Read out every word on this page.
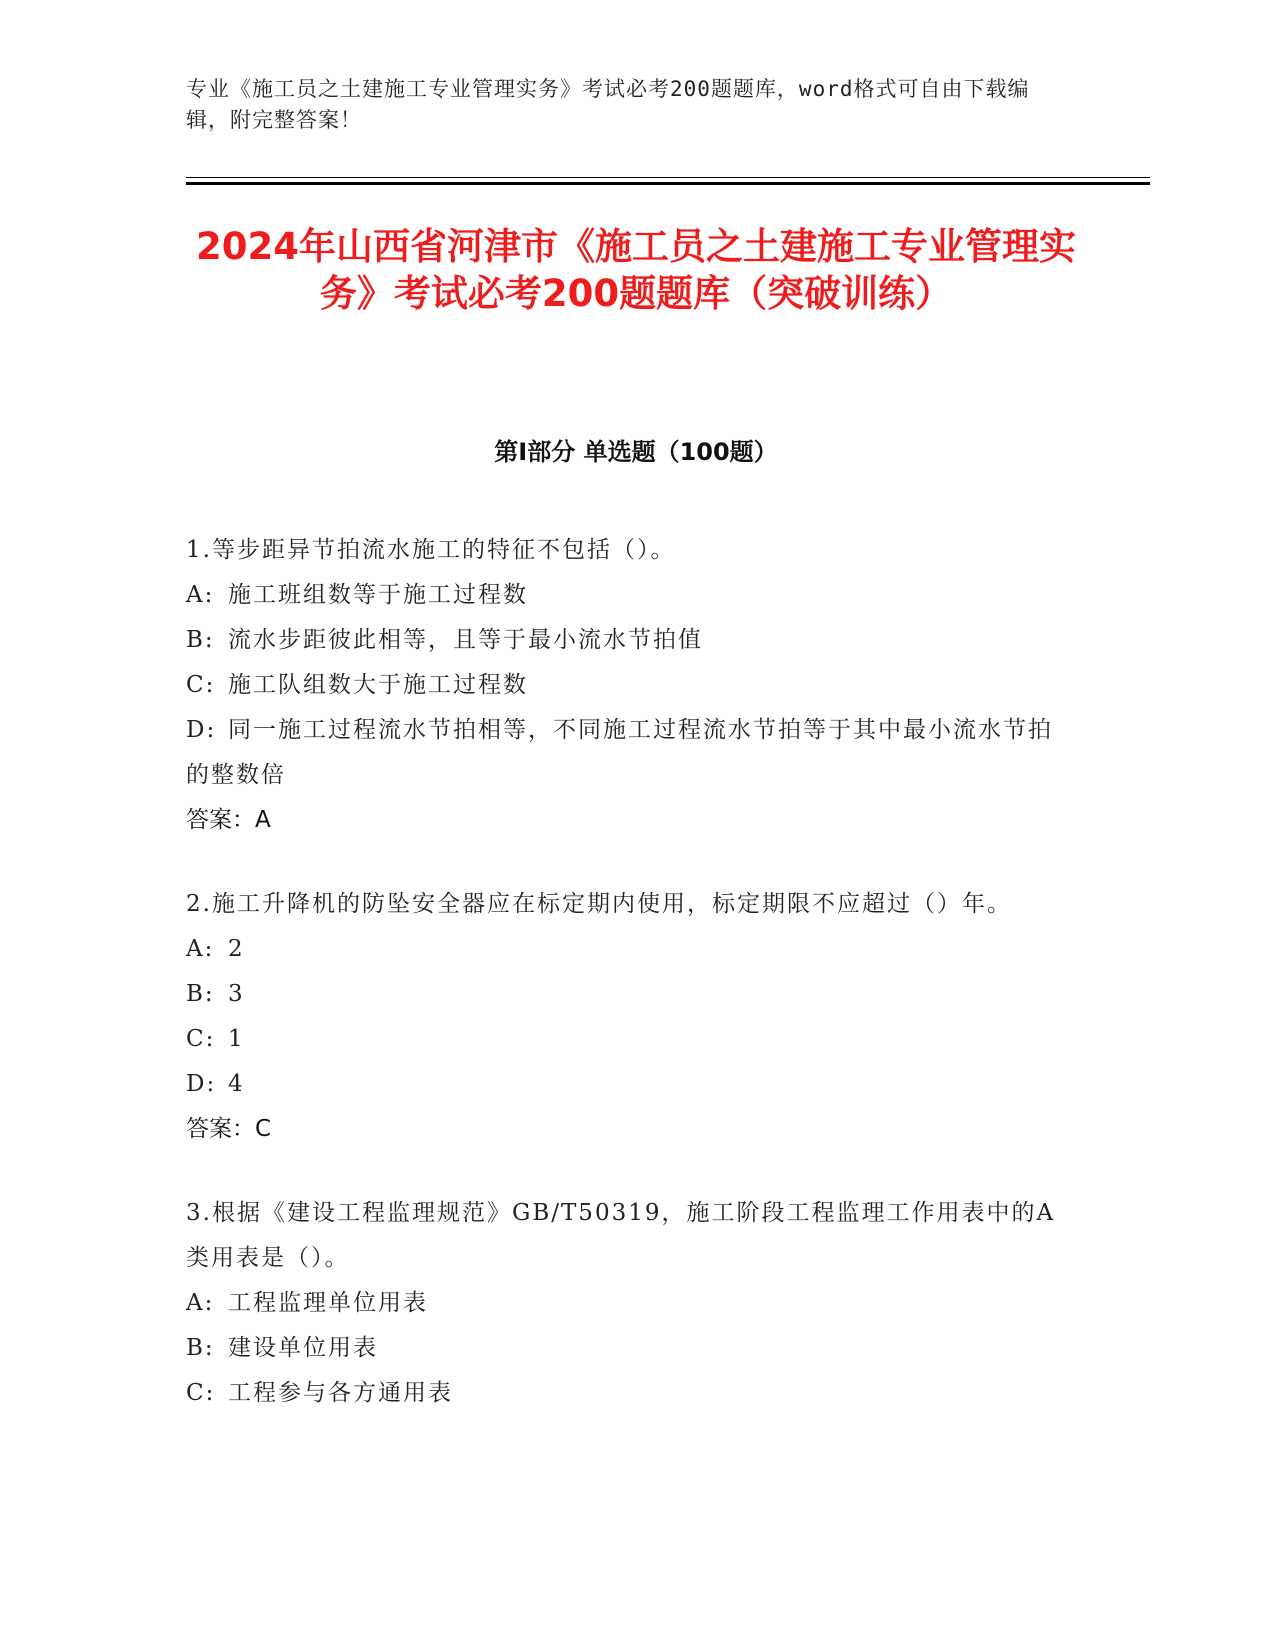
专业《施工员之土建施工专业管理实务》考试必考200题题库，word格式可自由下载编辑，附完整答案！

2024年山西省河津市《施工员之土建施工专业管理实务》考试必考200题题库（突破训练）
第I部分 单选题（100题）

1.等步距异节拍流水施工的特征不包括（）。

A: 施工班组数等于施工过程数

B: 流水步距彼此相等，且等于最小流水节拍值

C: 施工队组数大于施工过程数

D: 同一施工过程流水节拍相等，不同施工过程流水节拍等于其中最小流水节拍的整数倍

答案：A

2.施工升降机的防坠安全器应在标定期内使用，标定期限不应超过（）年。

A: 2

B: 3

C: 1

D: 4

答案：C

3.根据《建设工程监理规范》GB/T50319，施工阶段工程监理工作用表中的A类用表是（）。

A: 工程监理单位用表

B: 建设单位用表

C: 工程参与各方通用表
